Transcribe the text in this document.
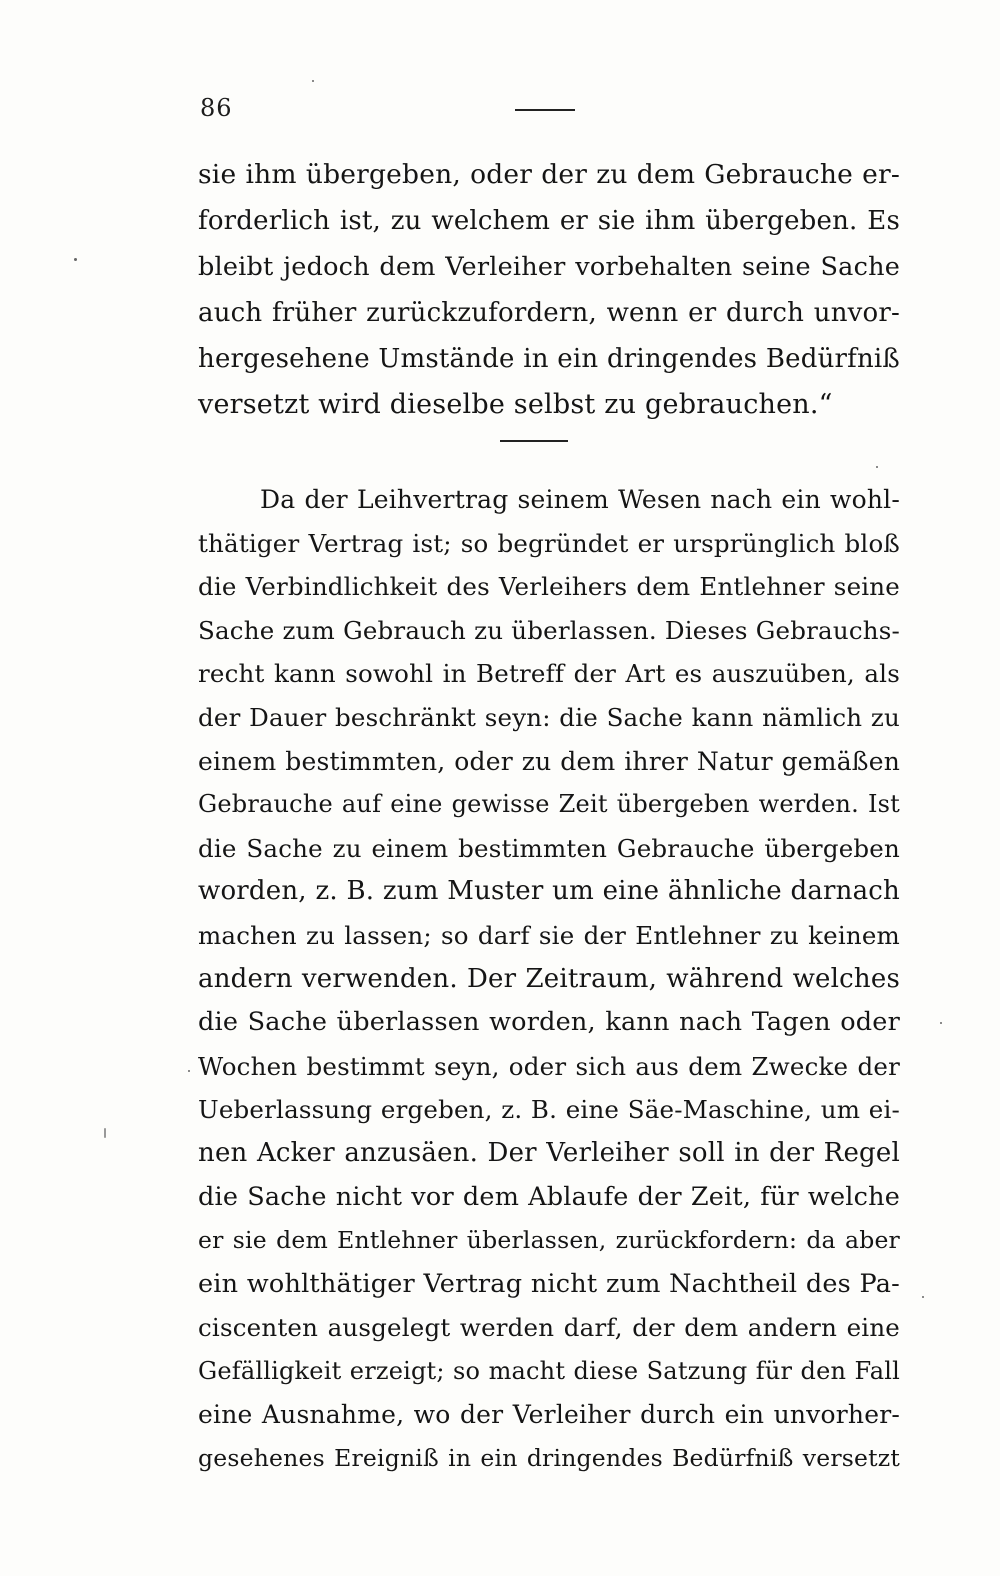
86
sie ihm übergeben, oder der zu dem Gebrauche er-
forderlich ist, zu welchem er sie ihm übergeben. Es
bleibt jedoch dem Verleiher vorbehalten seine Sache
auch früher zurückzufordern, wenn er durch unvor-
hergesehene Umstände in ein dringendes Bedürfniß
versetzt wird dieselbe selbst zu gebrauchen.“
Da der Leihvertrag seinem Wesen nach ein wohl-
thätiger Vertrag ist; so begründet er ursprünglich bloß
die Verbindlichkeit des Verleihers dem Entlehner seine
Sache zum Gebrauch zu überlassen. Dieses Gebrauchs-
recht kann sowohl in Betreff der Art es auszuüben, als
der Dauer beschränkt seyn: die Sache kann nämlich zu
einem bestimmten, oder zu dem ihrer Natur gemäßen
Gebrauche auf eine gewisse Zeit übergeben werden. Ist
die Sache zu einem bestimmten Gebrauche übergeben
worden, z. B. zum Muster um eine ähnliche darnach
machen zu lassen; so darf sie der Entlehner zu keinem
andern verwenden. Der Zeitraum, während welches
die Sache überlassen worden, kann nach Tagen oder
Wochen bestimmt seyn, oder sich aus dem Zwecke der
Ueberlassung ergeben, z. B. eine Säe-Maschine, um ei-
nen Acker anzusäen. Der Verleiher soll in der Regel
die Sache nicht vor dem Ablaufe der Zeit, für welche
er sie dem Entlehner überlassen, zurückfordern: da aber
ein wohlthätiger Vertrag nicht zum Nachtheil des Pa-
ciscenten ausgelegt werden darf, der dem andern eine
Gefälligkeit erzeigt; so macht diese Satzung für den Fall
eine Ausnahme, wo der Verleiher durch ein unvorher-
gesehenes Ereigniß in ein dringendes Bedürfniß versetzt
